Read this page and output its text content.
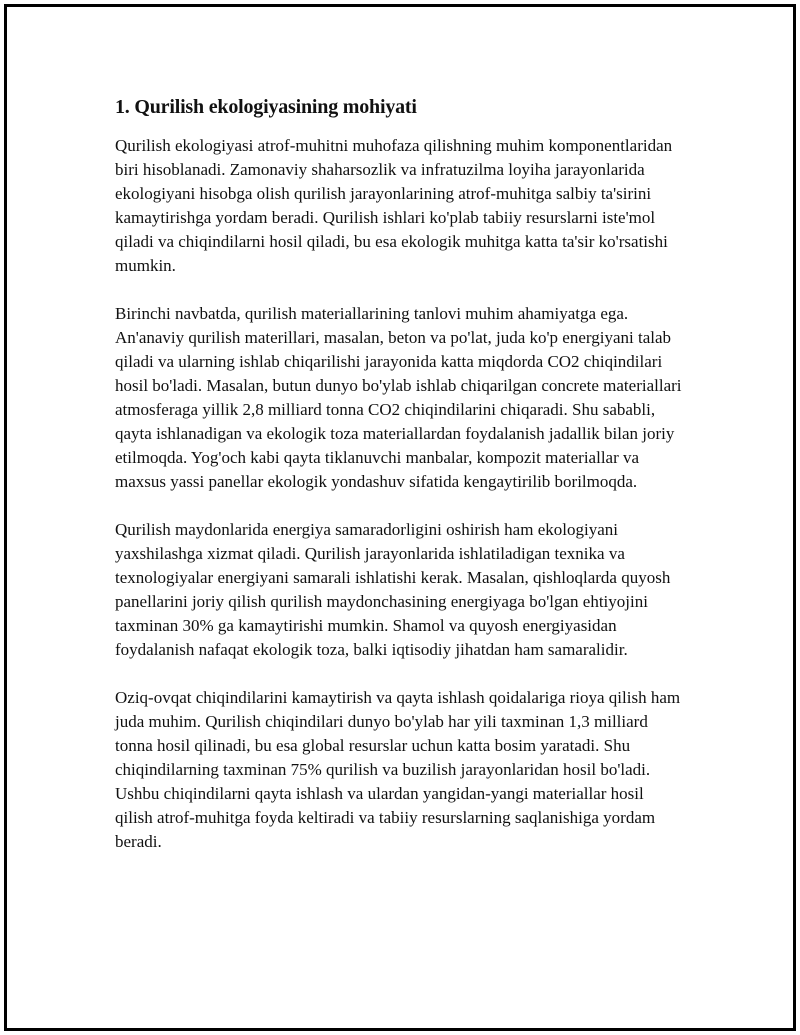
1. Qurilish ekologiyasining mohiyati

Qurilish ekologiyasi atrof-muhitni muhofaza qilishning muhim komponentlaridan biri hisoblanadi. Zamonaviy shaharsozlik va infratuzilma loyiha jarayonlarida ekologiyani hisobga olish qurilish jarayonlarining atrof-muhitga salbiy ta'sirini kamaytirishga yordam beradi. Qurilish ishlari ko'plab tabiiy resurslarni iste'mol qiladi va chiqindilarni hosil qiladi, bu esa ekologik muhitga katta ta'sir ko'rsatishi mumkin.

Birinchi navbatda, qurilish materiallarining tanlovi muhim ahamiyatga ega. An'anaviy qurilish materillari, masalan, beton va po'lat, juda ko'p energiyani talab qiladi va ularning ishlab chiqarilishi jarayonida katta miqdorda CO2 chiqindilari hosil bo'ladi. Masalan, butun dunyo bo'ylab ishlab chiqarilgan concrete materiallari atmosferaga yillik 2,8 milliard tonna CO2 chiqindilarini chiqaradi. Shu sababli, qayta ishlanadigan va ekologik toza materiallardan foydalanish jadallik bilan joriy etilmoqda. Yog'och kabi qayta tiklanuvchi manbalar, kompozit materiallar va maxsus yassi panellar ekologik yondashuv sifatida kengaytirilib borilmoqda.

Qurilish maydonlarida energiya samaradorligini oshirish ham ekologiyani yaxshilashga xizmat qiladi. Qurilish jarayonlarida ishlatiladigan texnika va texnologiyalar energiyani samarali ishlatishi kerak. Masalan, qishloqlarda quyosh panellarini joriy qilish qurilish maydonchasining energiyaga bo'lgan ehtiyojini taxminan 30% ga kamaytirishi mumkin. Shamol va quyosh energiyasidan foydalanish nafaqat ekologik toza, balki iqtisodiy jihatdan ham samaralidir.

Oziq-ovqat chiqindilarini kamaytirish va qayta ishlash qoidalariga rioya qilish ham juda muhim. Qurilish chiqindilari dunyo bo'ylab har yili taxminan 1,3 milliard tonna hosil qilinadi, bu esa global resurslar uchun katta bosim yaratadi. Shu chiqindilarning taxminan 75% qurilish va buzilish jarayonlaridan hosil bo'ladi. Ushbu chiqindilarni qayta ishlash va ulardan yangidan-yangi materiallar hosil qilish atrof-muhitga foyda keltiradi va tabiiy resurslarning saqlanishiga yordam beradi.
